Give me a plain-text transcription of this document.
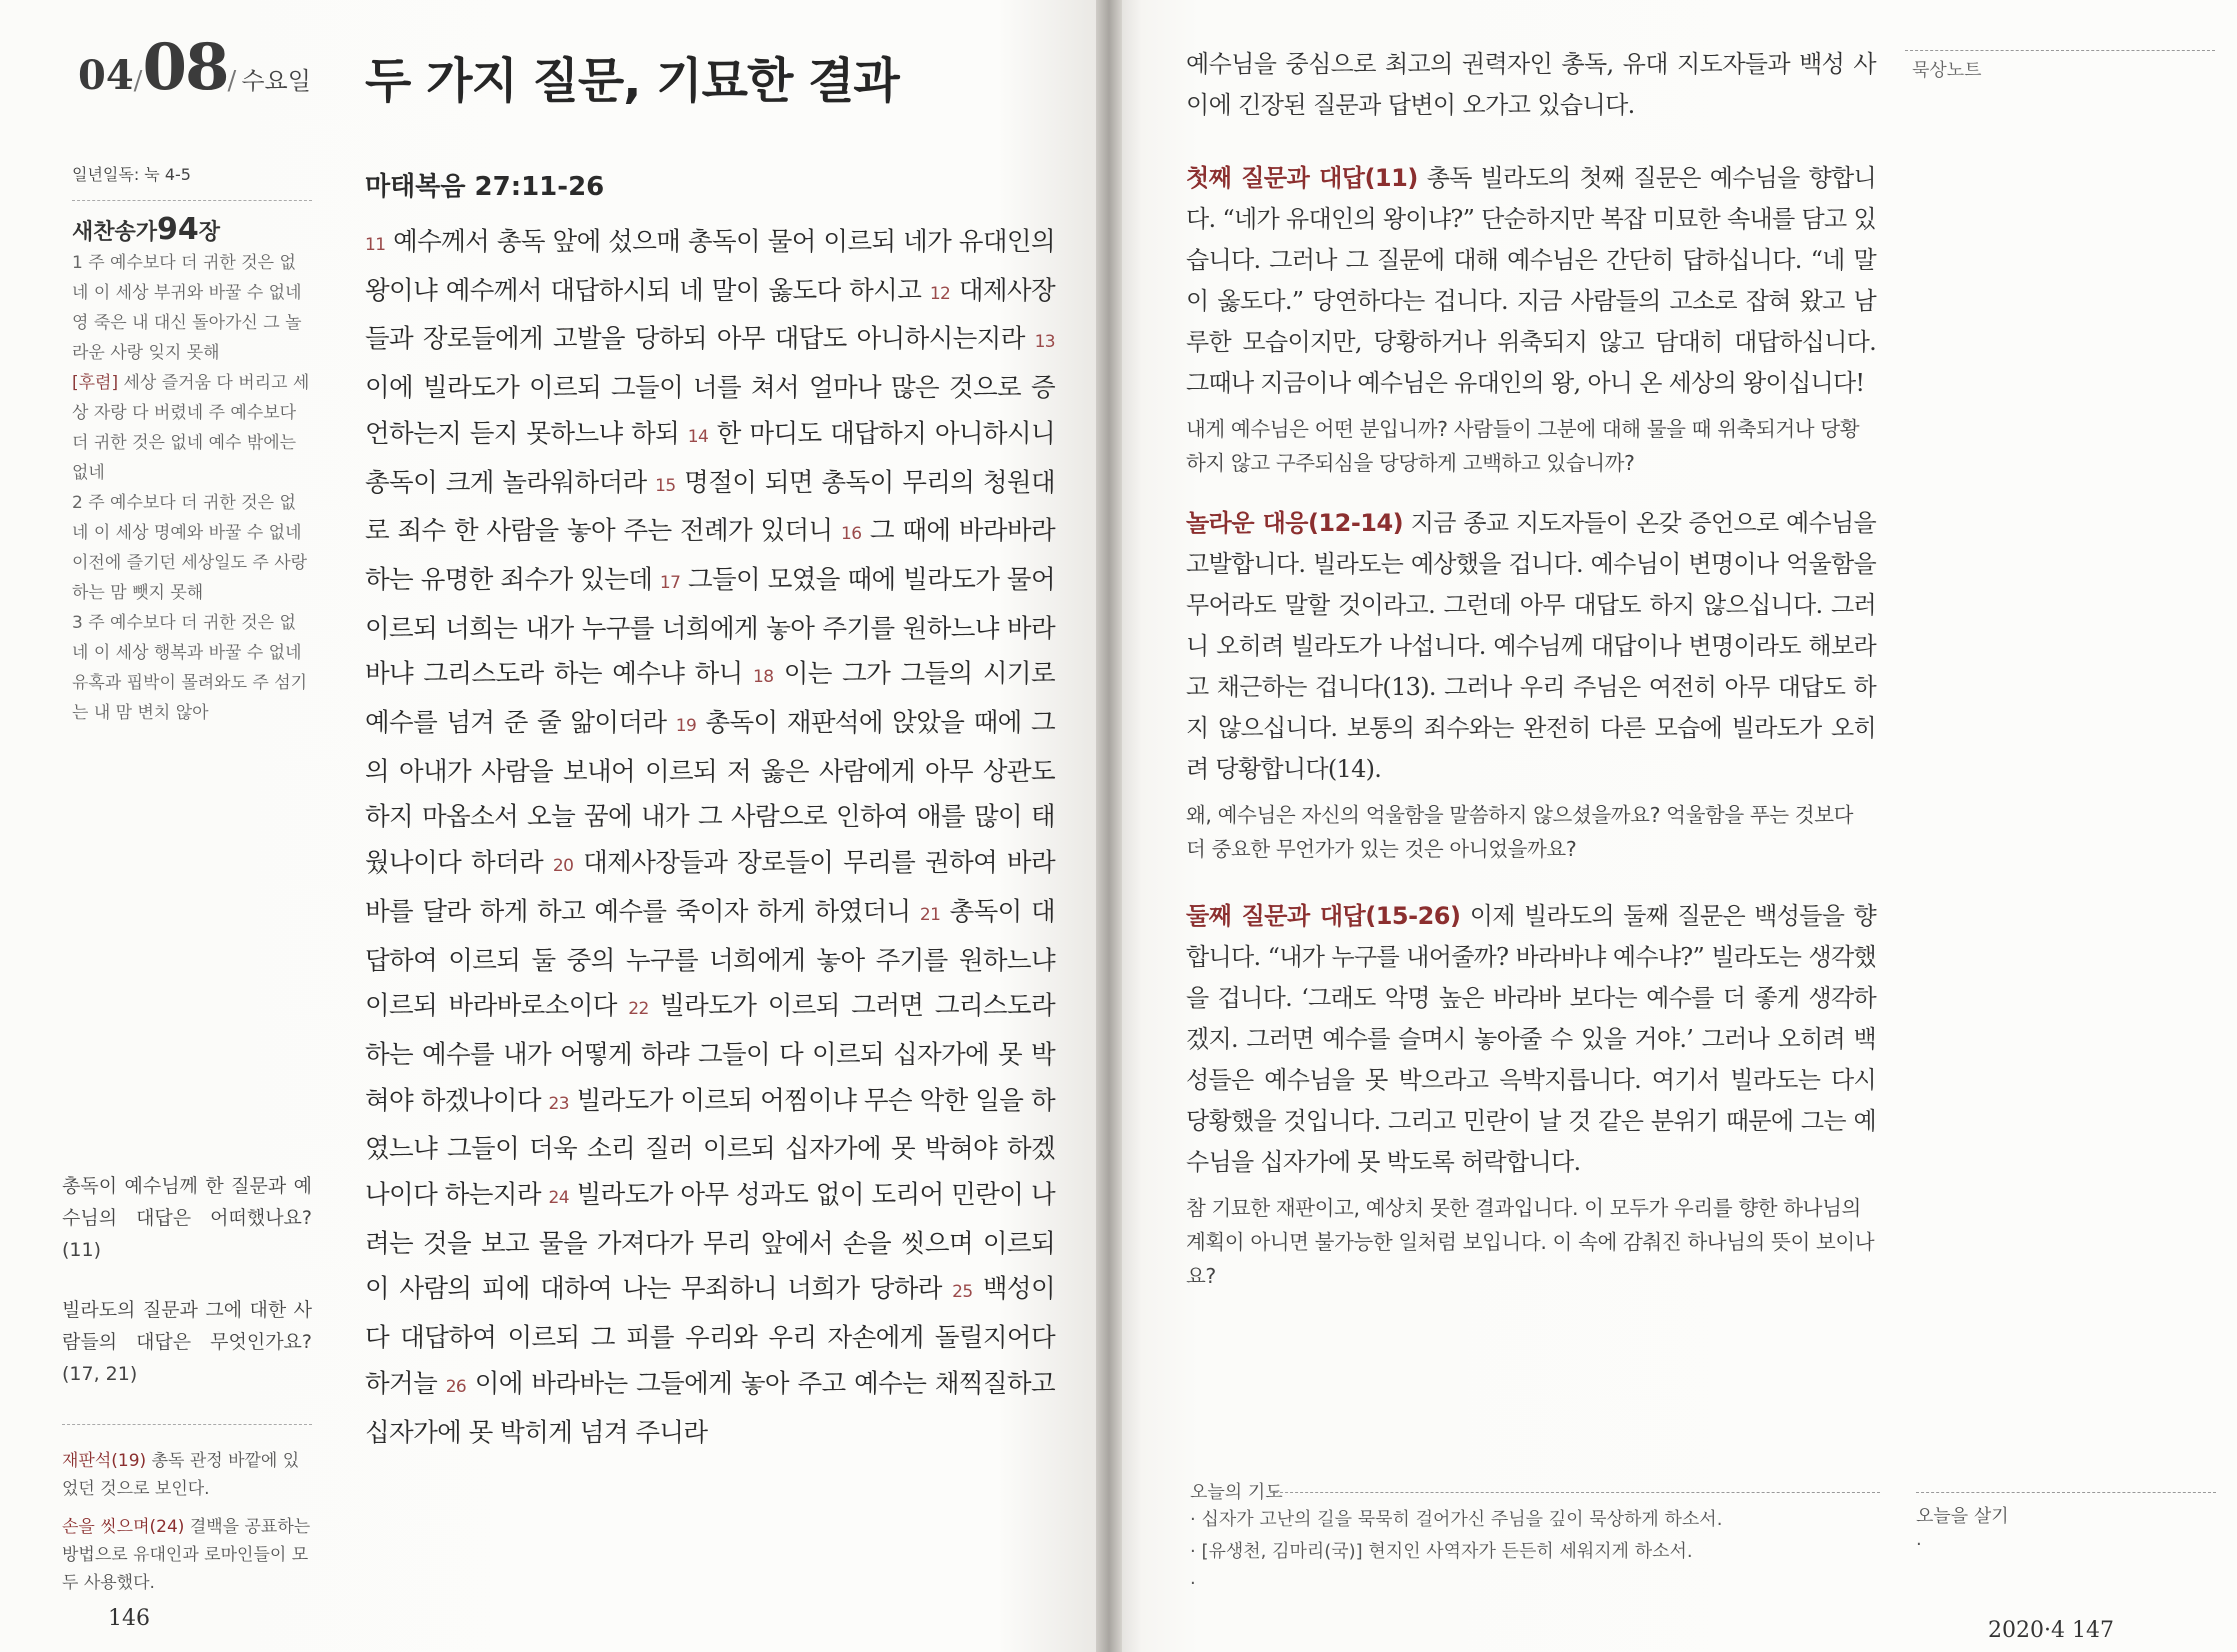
04/08/ 수요일 두 가지 질문, 기묘한 결과
일년일독: 눅 4-5
새찬송가94장

1 주 예수보다 더 귀한 것은 없네 이 세상 부귀와 바꿀 수 없네 영 죽은 내 대신 돌아가신 그 놀라운 사랑 잊지 못해

[후렴] 세상 즐거움 다 버리고 세상 자랑 다 버렸네 주 예수보다 더 귀한 것은 없네 예수 밖에는 없네

2 주 예수보다 더 귀한 것은 없네 이 세상 명예와 바꿀 수 없네 이전에 즐기던 세상일도 주 사랑하는 맘 뺏지 못해

3 주 예수보다 더 귀한 것은 없네 이 세상 행복과 바꿀 수 없네 유혹과 핍박이 몰려와도 주 섬기는 내 맘 변치 않아

총독이 예수님께 한 질문과 예수님의 대답은 어떠했나요? (11)

빌라도의 질문과 그에 대한 사람들의 대답은 무엇인가요? (17, 21)

재판석(19) 총독 관정 바깥에 있었던 것으로 보인다.

손을 씻으며(24) 결백을 공표하는 방법으로 유대인과 로마인들이 모두 사용했다.

146
마태복음 27:11-26
11 예수께서 총독 앞에 섰으매 총독이 물어 이르되 네가 유대인의 왕이냐 예수께서 대답하시되 네 말이 옳도다 하시고 12 대제사장들과 장로들에게 고발을 당하되 아무 대답도 아니하시는지라 13 이에 빌라도가 이르되 그들이 너를 쳐서 얼마나 많은 것으로 증언하는지 듣지 못하느냐 하되 14 한 마디도 대답하지 아니하시니 총독이 크게 놀라워하더라 15 명절이 되면 총독이 무리의 청원대로 죄수 한 사람을 놓아 주는 전례가 있더니 16 그 때에 바라바라 하는 유명한 죄수가 있는데 17 그들이 모였을 때에 빌라도가 물어 이르되 너희는 내가 누구를 너희에게 놓아 주기를 원하느냐 바라바냐 그리스도라 하는 예수냐 하니 18 이는 그가 그들의 시기로 예수를 넘겨 준 줄 앎이더라 19 총독이 재판석에 앉았을 때에 그의 아내가 사람을 보내어 이르되 저 옳은 사람에게 아무 상관도 하지 마옵소서 오늘 꿈에 내가 그 사람으로 인하여 애를 많이 태웠나이다 하더라 20 대제사장들과 장로들이 무리를 권하여 바라바를 달라 하게 하고 예수를 죽이자 하게 하였더니 21 총독이 대답하여 이르되 둘 중의 누구를 너희에게 놓아 주기를 원하느냐 이르되 바라바로소이다 22 빌라도가 이르되 그러면 그리스도라 하는 예수를 내가 어떻게 하랴 그들이 다 이르되 십자가에 못 박혀야 하겠나이다 23 빌라도가 이르되 어찜이냐 무슨 악한 일을 하였느냐 그들이 더욱 소리 질러 이르되 십자가에 못 박혀야 하겠나이다 하는지라 24 빌라도가 아무 성과도 없이 도리어 민란이 나려는 것을 보고 물을 가져다가 무리 앞에서 손을 씻으며 이르되 이 사람의 피에 대하여 나는 무죄하니 너희가 당하라 25 백성이 다 대답하여 이르되 그 피를 우리와 우리 자손에게 돌릴지어다 하거늘 26 이에 바라바는 그들에게 놓아 주고 예수는 채찍질하고 십자가에 못 박히게 넘겨 주니라
묵상노트
예수님을 중심으로 최고의 권력자인 총독, 유대 지도자들과 백성 사이에 긴장된 질문과 답변이 오가고 있습니다.

첫째 질문과 대답(11) 총독 빌라도의 첫째 질문은 예수님을 향합니다. “네가 유대인의 왕이냐?” 단순하지만 복잡 미묘한 속내를 담고 있습니다. 그러나 그 질문에 대해 예수님은 간단히 답하십니다. “네 말이 옳도다.” 당연하다는 겁니다. 지금 사람들의 고소로 잡혀 왔고 남루한 모습이지만, 당황하거나 위축되지 않고 담대히 대답하십니다. 그때나 지금이나 예수님은 유대인의 왕, 아니 온 세상의 왕이십니다!

내게 예수님은 어떤 분입니까? 사람들이 그분에 대해 물을 때 위축되거나 당황하지 않고 구주되심을 당당하게 고백하고 있습니까?

놀라운 대응(12-14) 지금 종교 지도자들이 온갖 증언으로 예수님을 고발합니다. 빌라도는 예상했을 겁니다. 예수님이 변명이나 억울함을 무어라도 말할 것이라고. 그런데 아무 대답도 하지 않으십니다. 그러니 오히려 빌라도가 나섭니다. 예수님께 대답이나 변명이라도 해보라고 채근하는 겁니다(13). 그러나 우리 주님은 여전히 아무 대답도 하지 않으십니다. 보통의 죄수와는 완전히 다른 모습에 빌라도가 오히려 당황합니다(14).

왜, 예수님은 자신의 억울함을 말씀하지 않으셨을까요? 억울함을 푸는 것보다 더 중요한 무언가가 있는 것은 아니었을까요?

둘째 질문과 대답(15-26) 이제 빌라도의 둘째 질문은 백성들을 향합니다. “내가 누구를 내어줄까? 바라바냐 예수냐?” 빌라도는 생각했을 겁니다. ‘그래도 악명 높은 바라바 보다는 예수를 더 좋게 생각하겠지. 그러면 예수를 슬며시 놓아줄 수 있을 거야.’ 그러나 오히려 백성들은 예수님을 못 박으라고 윽박지릅니다. 여기서 빌라도는 다시 당황했을 것입니다. 그리고 민란이 날 것 같은 분위기 때문에 그는 예수님을 십자가에 못 박도록 허락합니다.

참 기묘한 재판이고, 예상치 못한 결과입니다. 이 모두가 우리를 향한 하나님의 계획이 아니면 불가능한 일처럼 보입니다. 이 속에 감춰진 하나님의 뜻이 보이나요?

오늘의 기도

· 십자가 고난의 길을 묵묵히 걸어가신 주님을 깊이 묵상하게 하소서.

· [유생천, 김마리(국)] 현지인 사역자가 든든히 세워지게 하소서.

·

오늘을 살기
·
2020·4 147
